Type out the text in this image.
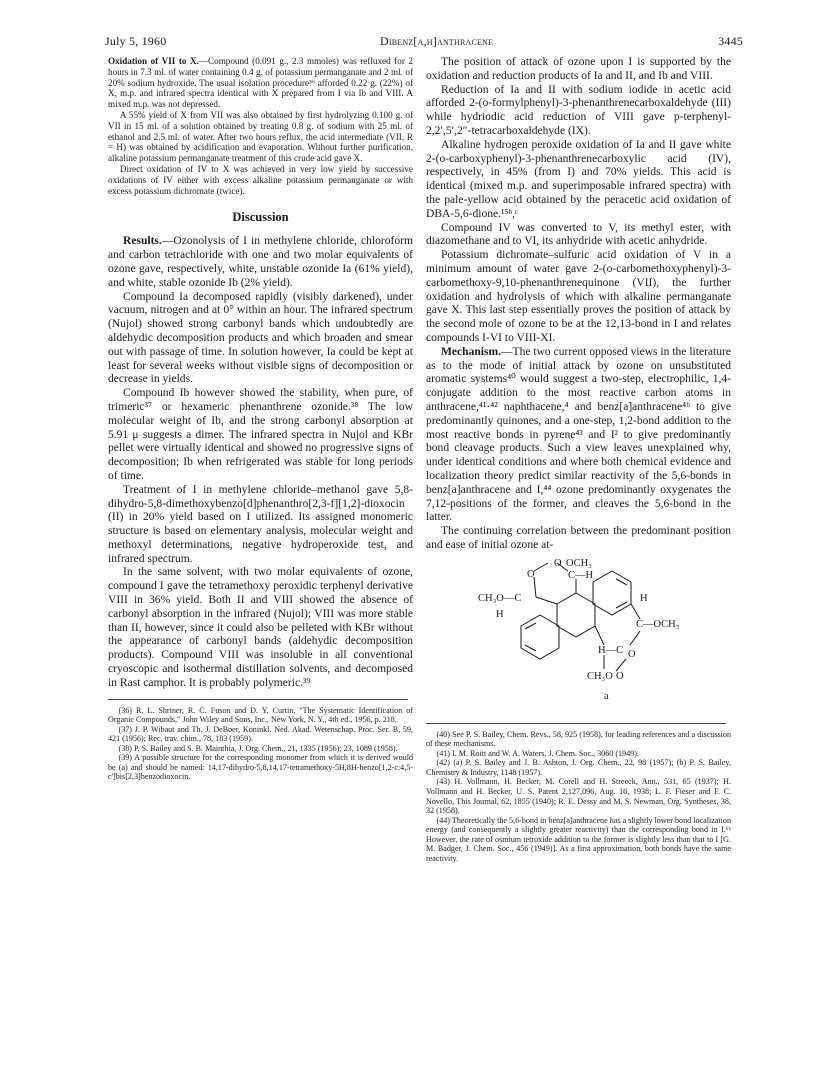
July 5, 1960	Dibenz[a,h]anthracene	3445

Oxidation of VII to X.—Compound (0.091 g., 2.3 mmoles) was refluxed for 2 hours in 7.3 ml. of water containing 0.4 g. of potassium permanganate and 2 ml. of 20% sodium hydroxide. The usual isolation procedure³⁶ afforded 0.22 g. (22%) of X, m.p. and infrared spectra identical with X prepared from I via Ib and VIII. A mixed m.p. was not depressed.

A 55% yield of X from VII was also obtained by first hydrolyzing 0.100 g. of VII in 15 ml. of a solution obtained by treating 0.8 g. of sodium with 25 ml. of ethanol and 2.5 ml. of water. After two hours reflux, the acid intermediate (VII, R = H) was obtained by acidification and evaporation. Without further purification, alkaline potassium permanganate treatment of this crude acid gave X.

Direct oxidation of IV to X was achieved in very low yield by successive oxidations of IV either with excess alkaline potassium permanganate or with excess potassium dichromate (twice).

Discussion

Results.—Ozonolysis of I in methylene chloride, chloroform and carbon tetrachloride with one and two molar equivalents of ozone gave, respectively, white, unstable ozonide Ia (61% yield), and white, stable ozonide Ib (2% yield).

Compound Ia decomposed rapidly (visibly darkened), under vacuum, nitrogen and at 0° within an hour. The infrared spectrum (Nujol) showed strong carbonyl bands which undoubtedly are aldehydic decomposition products and which broaden and smear out with passage of time. In solution however, Ia could be kept at least for several weeks without visible signs of decomposition or decrease in yields.

Compound Ib however showed the stability, when pure, of trimeric³⁷ or hexameric phenanthrene ozonide.³⁸ The low molecular weight of Ib, and the strong carbonyl absorption at 5.91 μ suggests a dimer. The infrared spectra in Nujol and KBr pellet were virtually identical and showed no progressive signs of decomposition; Ib when refrigerated was stable for long periods of time.

Treatment of I in methylene chloride–methanol gave 5,8-dihydro-5,8-dimethoxybenzo[d]phenanthro[2,3-f][1,2]-dioxocin (II) in 20% yield based on I utilized. Its assigned monomeric structure is based on elementary analysis, molecular weight and methoxyl determinations, negative hydroperoxide test, and infrared spectrum.

In the same solvent, with two molar equivalents of ozone, compound I gave the tetramethoxy peroxidic terphenyl derivative VIII in 36% yield. Both II and VIII showed the absence of carbonyl absorption in the infrared (Nujol); VIII was more stable than II, however, since it could also be pelleted with KBr without the appearance of carbonyl bands (aldehydic decomposition products). Compound VIII was insoluble in all conventional cryoscopic and isothermal distillation solvents, and decomposed in Rast camphor. It is probably polymeric.³⁹

(36) R. L. Shriner, R. C. Fuson and D. Y. Curtin, "The Systematic Identification of Organic Compounds," John Wiley and Sons, Inc., New York, N. Y., 4th ed., 1956, p. 218.

(37) J. P. Wibaut and Th. J. DeBoer, Koninkl. Ned. Akad. Wetenschap. Proc. Ser. B, 59, 421 (1956); Rec. trav. chim., 78, 183 (1959).

(38) P. S. Bailey and S. B. Mainthia, J. Org. Chem., 21, 1335 (1956); 23, 1089 (1958).

(39) A possible structure for the corresponding monomer from which it is derived would be (a) and should be named: 14,17-dihydro-5,8,14,17-tetramethoxy-5H,8H-benzo[1,2-c:4,5-c']bis[2,3]benzodioxocin.

The position of attack of ozone upon I is supported by the oxidation and reduction products of Ia and II, and Ib and VIII.

Reduction of Ia and II with sodium iodide in acetic acid afforded 2-(o-formylphenyl)-3-phenanthrenecarboxaldehyde (III) while hydriodic acid reduction of VIII gave p-terphenyl-2,2′,5′,2″-tetracarboxaldehyde (IX).

Alkaline hydrogen peroxide oxidation of Ia and II gave white 2-(o-carboxyphenyl)-3-phenanthrenecarboxylic acid (IV), respectively, in 45% (from I) and 70% yields. This acid is identical (mixed m.p. and superimposable infrared spectra) with the pale-yellow acid obtained by the peracetic acid oxidation of DBA-5,6-dione.¹⁵ᵇ,ᶜ

Compound IV was converted to V, its methyl ester, with diazomethane and to VI, its anhydride with acetic anhydride.

Potassium dichromate–sulfuric acid oxidation of V in a minimum amount of water gave 2-(o-carbomethoxyphenyl)-3-carbomethoxy-9,10-phenanthrenequinone (VII), the further oxidation and hydrolysis of which with alkaline permanganate gave X. This last step essentially proves the position of attack by the second mole of ozone to be at the 12,13-bond in I and relates compounds I-VI to VIII-XI.

Mechanism.—The two current opposed views in the literature as to the mode of initial attack by ozone on unsubstituted aromatic systems⁴⁰ would suggest a two-step, electrophilic, 1,4-conjugate addition to the most reactive carbon atoms in anthracene,⁴¹·⁴² naphthacene,⁴ and benz[a]anthracene⁴ᵇ to give predominantly quinones, and a one-step, 1,2-bond addition to the most reactive bonds in pyrene⁴³ and I² to give predominantly bond cleavage products. Such a view leaves unexplained why, under identical conditions and where both chemical evidence and localization theory predict similar reactivity of the 5,6-bonds in benz[a]anthracene and I,⁴⁴ ozone predominantly oxygenates the 7,12-positions of the former, and cleaves the 5,6-bond in the latter.

The continuing correlation between the predominant position and ease of initial ozone at-

O OCH₃
O	C—H
CH₃O—C
H
H
C—OCH₃
H—C O
CH₃O O
a

(40) See P. S. Bailey, Chem. Revs., 58, 925 (1958), for leading references and a discussion of these mechanisms.

(41) I. M. Roitt and W. A. Waters, J. Chem. Soc., 3060 (1949).

(42) (a) P. S. Bailey and J. B. Ashton, J. Org. Chem., 22, 98 (1957); (b) P. S. Bailey, Chemistry & Industry, 1148 (1957).

(43) H. Vollmann, H. Becker, M. Corell and H. Streeck, Ann., 531, 65 (1937); H. Vollmann and H. Becker, U. S. Patent 2,127,096, Aug. 16, 1938; L. F. Fieser and F. C. Novello, This Journal, 62, 1855 (1940); R. E. Dessy and M. S. Newman, Org. Syntheses, 38, 32 (1958).

(44) Theoretically the 5,6-bond in benz[a]anthracene has a slightly lower bond localization energy (and consequently a slightly greater reactivity) than the corresponding bond in I.⁶ᵇ However, the rate of osmium tetroxide addition to the former is slightly less than that to I [G. M. Badger, J. Chem. Soc., 456 (1949)]. As a first approximation, both bonds have the same reactivity.
